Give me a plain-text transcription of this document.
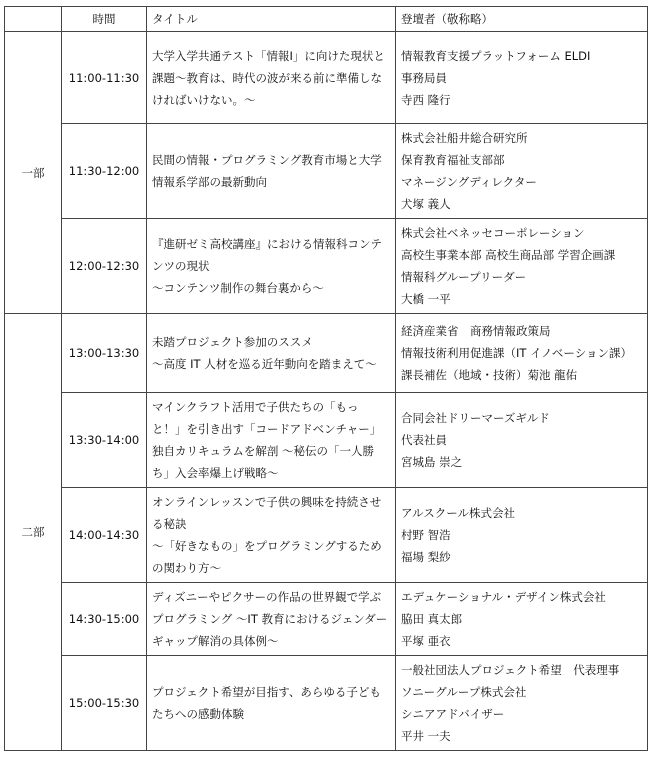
	時間	タイトル	登壇者（敬称略）
一部	11:00-11:30	大学入学共通テスト「情報Ⅰ」に向けた現状と
課題～教育は、時代の波が来る前に準備しな
ければいけない。～	情報教育支援プラットフォーム ELDI
事務局員
寺西 隆行

	11:30-12:00	民間の情報・プログラミング教育市場と大学
情報系学部の最新動向	株式会社船井総合研究所
保育教育福祉支部部
マネージングディレクター
犬塚 義人

	12:00-12:30	『進研ゼミ高校講座』における情報科コンテ
ンツの現状
～コンテンツ制作の舞台裏から～	株式会社ベネッセコーポレーション
高校生事業本部 高校生商品部 学習企画課
情報科グループリーダー
大橋 一平

二部	13:00-13:30	未踏プロジェクト参加のススメ
～高度 IT 人材を巡る近年動向を踏まえて～	経済産業省　商務情報政策局
情報技術利用促進課（IT イノベーション課）
課長補佐（地域・技術）菊池 龍佑

	13:30-14:00	マインクラフト活用で子供たちの「もっ
と！」を引き出す「コードアドベンチャー」
独自カリキュラムを解剖 ～秘伝の「一人勝
ち」入会率爆上げ戦略～	合同会社ドリーマーズギルド
代表社員
宮城島 崇之

	14:00-14:30	オンラインレッスンで子供の興味を持続させ
る秘訣
～「好きなもの」をプログラミングするため
の関わり方～	アルスクール株式会社
村野 智浩
福場 梨紗

	14:30-15:00	ディズニーやピクサーの作品の世界観で学ぶ
プログラミング ～IT 教育におけるジェンダー
ギャップ解消の具体例～	エデュケーショナル・デザイン株式会社
脇田 真太郎
平塚 亜衣

	15:00-15:30	プロジェクト希望が目指す、あらゆる子ども
たちへの感動体験	一般社団法人プロジェクト希望　代表理事
ソニーグループ株式会社
シニアアドバイザー
平井 一夫
